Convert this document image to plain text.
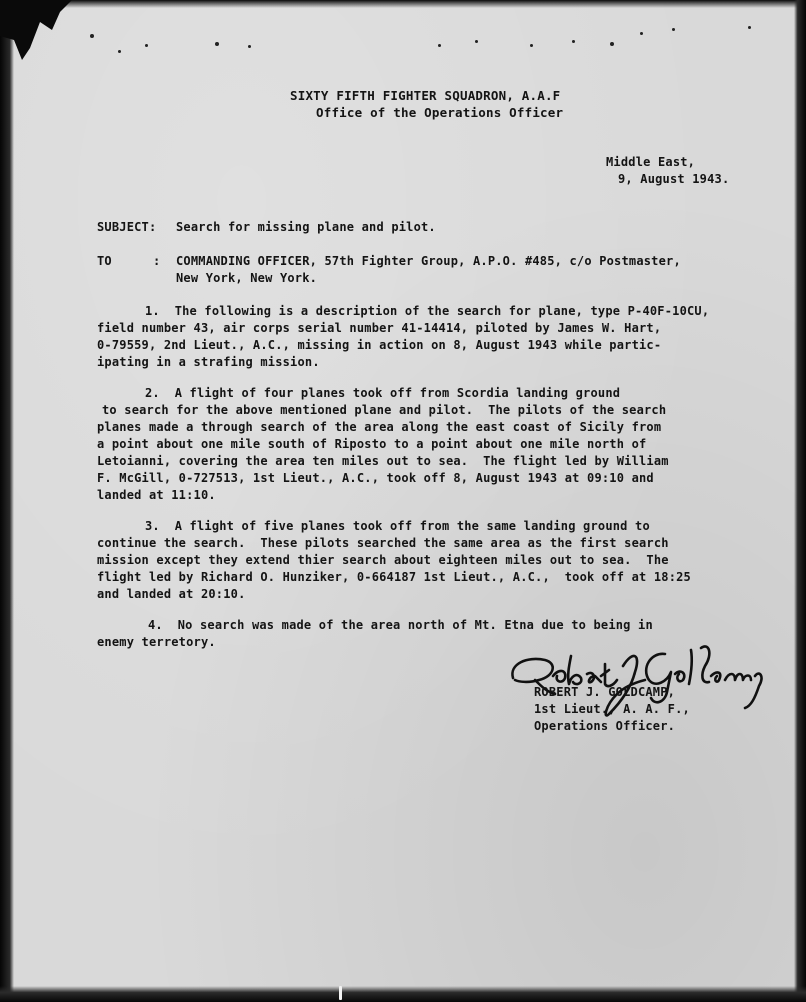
SIXTY FIFTH FIGHTER SQUADRON, A.A.F
Office of the Operations Officer
Middle East,
9, August 1943.
SUBJECT: Search for missing plane and pilot.
TO	: COMMANDING OFFICER, 57th Fighter Group, A.P.O. #485, c/o Postmaster,
New York, New York.
1.  The following is a description of the search for plane, type P-40F-10CU,
field number 43, air corps serial number 41-14414, piloted by James W. Hart,
0-79559, 2nd Lieut., A.C., missing in action on 8, August 1943 while partic-
ipating in a strafing mission.
2.  A flight of four planes took off from Scordia landing ground
to search for the above mentioned plane and pilot.  The pilots of the search
planes made a through search of the area along the east coast of Sicily from
a point about one mile south of Riposto to a point about one mile north of
Letoianni, covering the area ten miles out to sea.  The flight led by William
F. McGill, 0-727513, 1st Lieut., A.C., took off 8, August 1943 at 09:10 and
landed at 11:10.
3.  A flight of five planes took off from the same landing ground to
continue the search.  These pilots searched the same area as the first search
mission except they extend thier search about eighteen miles out to sea.  The
flight led by Richard O. Hunziker, 0-664187 1st Lieut., A.C.,  took off at 18:25
and landed at 20:10.
4.  No search was made of the area north of Mt. Etna due to being in
enemy terretory.
ROBERT J. GOLDCAMP,
1st Lieut., A. A. F.,
Operations Officer.
